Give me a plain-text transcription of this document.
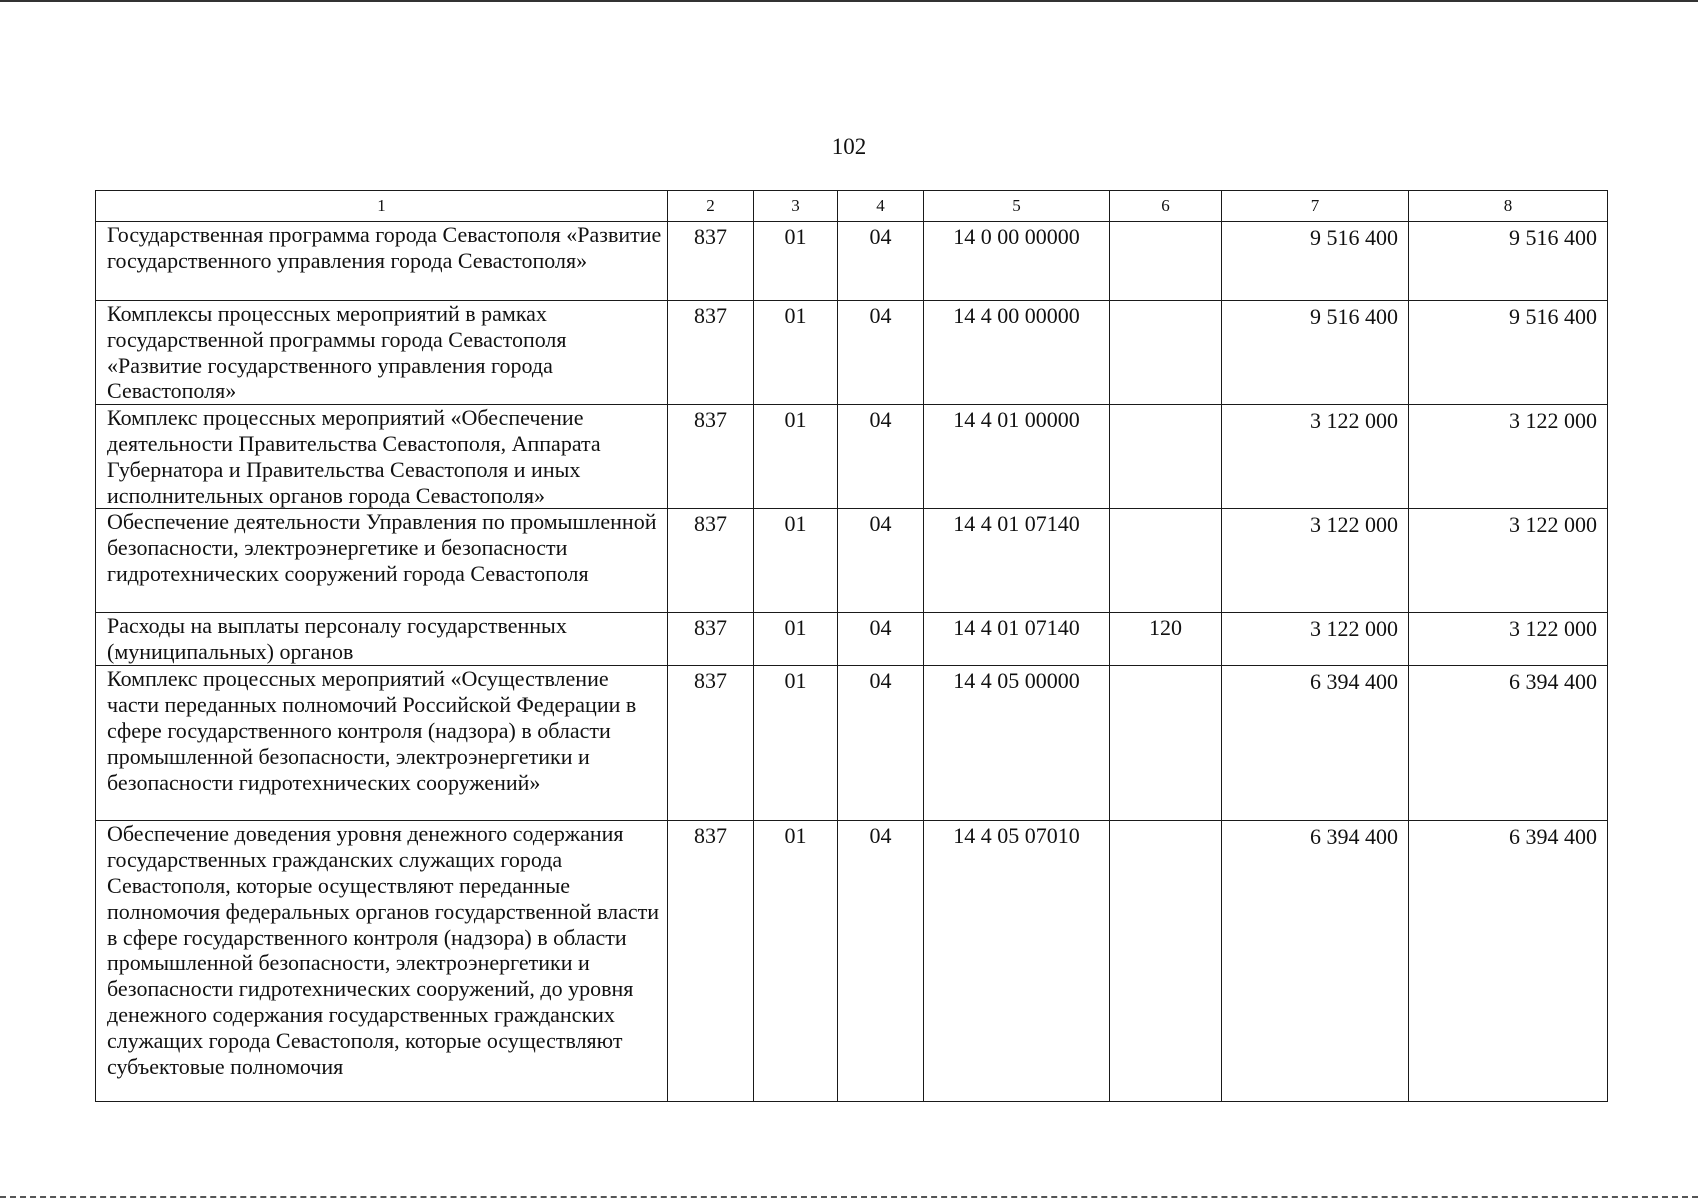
102
1	2	3	4	5	6	7	8
Государственная программа города Севастополя «Развитие государственного управления города Севастополя»	837	01	04	14 0 00 00000		9 516 400	9 516 400
Комплексы процессных мероприятий в рамках государственной программы города Севастополя «Развитие государственного управления города Севастополя»	837	01	04	14 4 00 00000		9 516 400	9 516 400
Комплекс процессных мероприятий «Обеспечение деятельности Правительства Севастополя, Аппарата Губернатора и Правительства Севастополя и иных исполнительных органов города Севастополя»	837	01	04	14 4 01 00000		3 122 000	3 122 000
Обеспечение деятельности Управления по промышленной безопасности, электроэнергетике и безопасности гидротехнических сооружений города Севастополя	837	01	04	14 4 01 07140		3 122 000	3 122 000
Расходы на выплаты персоналу государственных (муниципальных) органов	837	01	04	14 4 01 07140	120	3 122 000	3 122 000
Комплекс процессных мероприятий «Осуществление части переданных полномочий Российской Федерации в сфере государственного контроля (надзора) в области промышленной безопасности, электроэнергетики и безопасности гидротехнических сооружений»	837	01	04	14 4 05 00000		6 394 400	6 394 400
Обеспечение доведения уровня денежного содержания государственных гражданских служащих города Севастополя, которые осуществляют переданные полномочия федеральных органов государственной власти в сфере государственного контроля (надзора) в области промышленной безопасности, электроэнергетики и безопасности гидротехнических сооружений, до уровня денежного содержания государственных гражданских служащих города Севастополя, которые осуществляют субъектовые полномочия	837	01	04	14 4 05 07010		6 394 400	6 394 400
